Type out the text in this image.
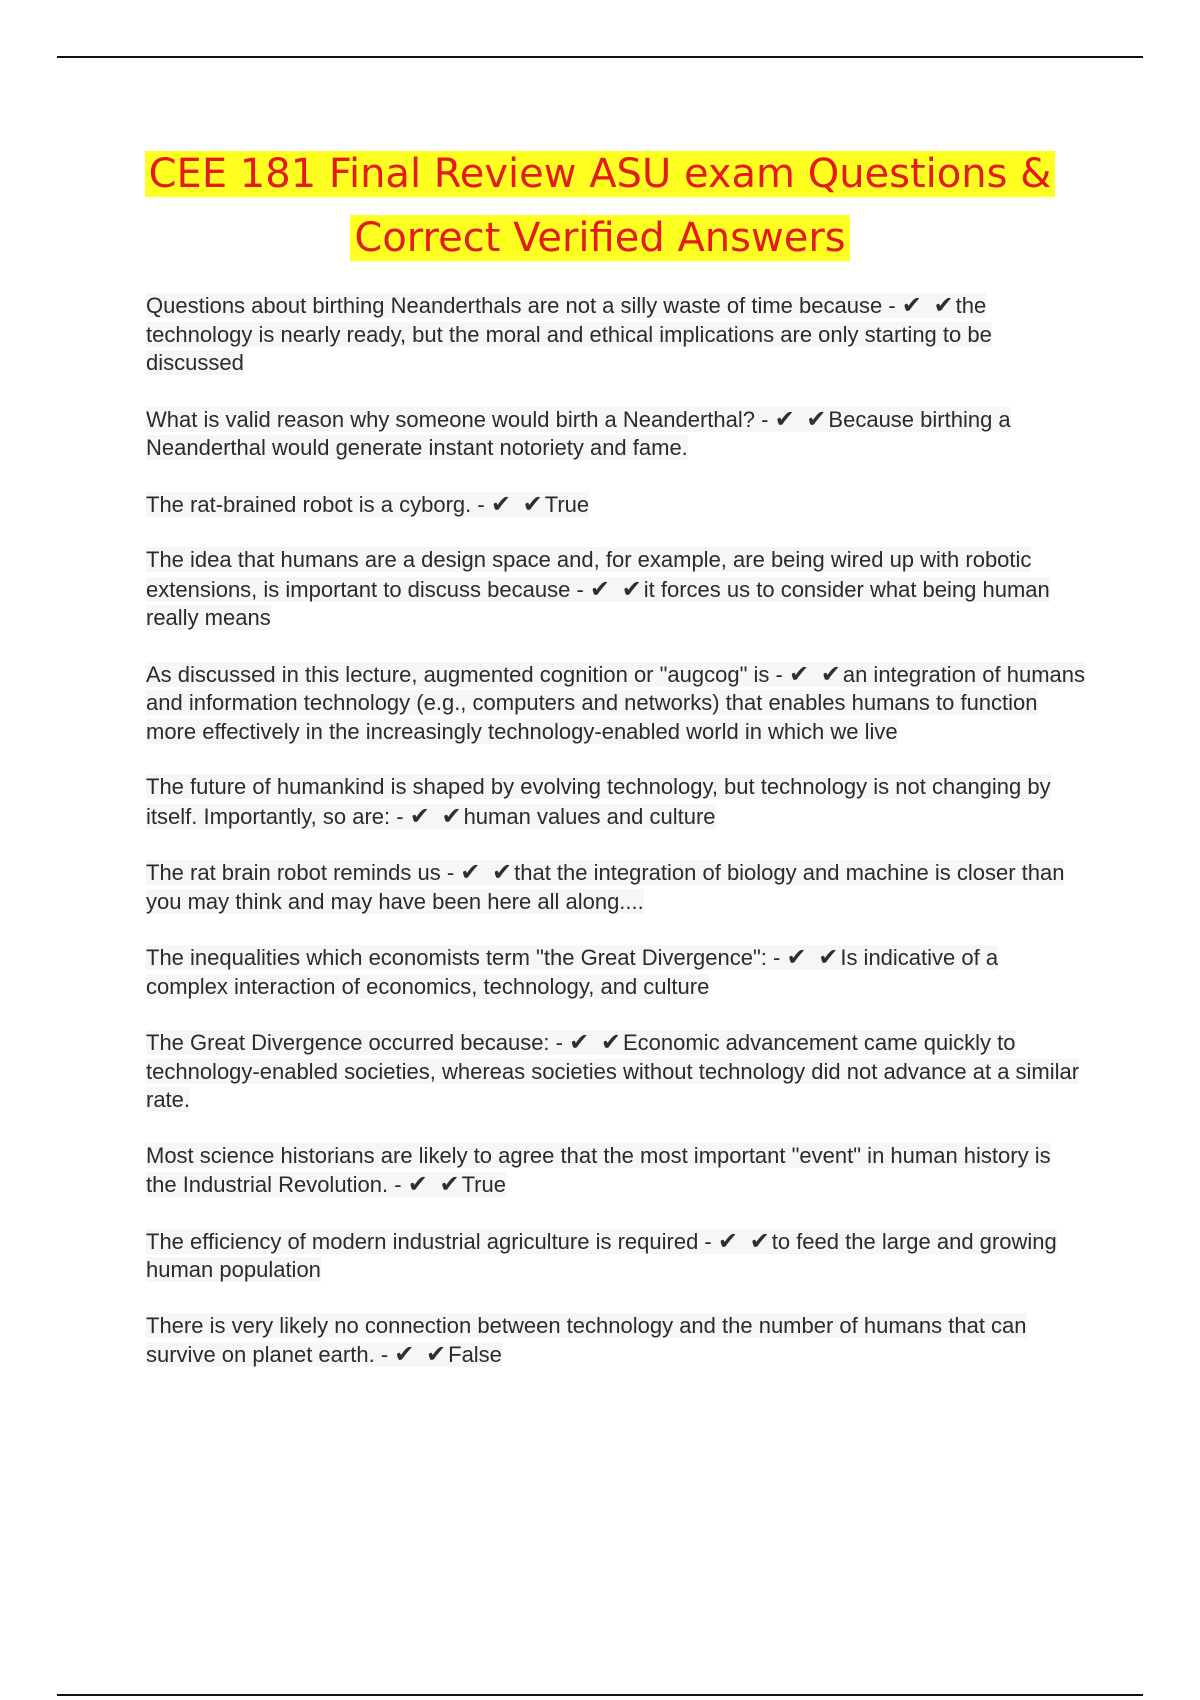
CEE 181 Final Review ASU exam Questions &
Correct Verified Answers

Questions about birthing Neanderthals are not a silly waste of time because - ✔ ✔the technology is nearly ready, but the moral and ethical implications are only starting to be discussed

What is valid reason why someone would birth a Neanderthal? - ✔ ✔Because birthing a Neanderthal would generate instant notoriety and fame.

The rat-brained robot is a cyborg. - ✔ ✔True

The idea that humans are a design space and, for example, are being wired up with robotic extensions, is important to discuss because - ✔ ✔it forces us to consider what being human really means

As discussed in this lecture, augmented cognition or "augcog" is - ✔ ✔an integration of humans and information technology (e.g., computers and networks) that enables humans to function more effectively in the increasingly technology-enabled world in which we live

The future of humankind is shaped by evolving technology, but technology is not changing by itself. Importantly, so are: - ✔ ✔human values and culture

The rat brain robot reminds us - ✔ ✔that the integration of biology and machine is closer than you may think and may have been here all along....

The inequalities which economists term "the Great Divergence": - ✔ ✔Is indicative of a complex interaction of economics, technology, and culture

The Great Divergence occurred because: - ✔ ✔Economic advancement came quickly to technology-enabled societies, whereas societies without technology did not advance at a similar rate.

Most science historians are likely to agree that the most important "event" in human history is the Industrial Revolution. - ✔ ✔True

The efficiency of modern industrial agriculture is required - ✔ ✔to feed the large and growing human population

There is very likely no connection between technology and the number of humans that can survive on planet earth. - ✔ ✔False
